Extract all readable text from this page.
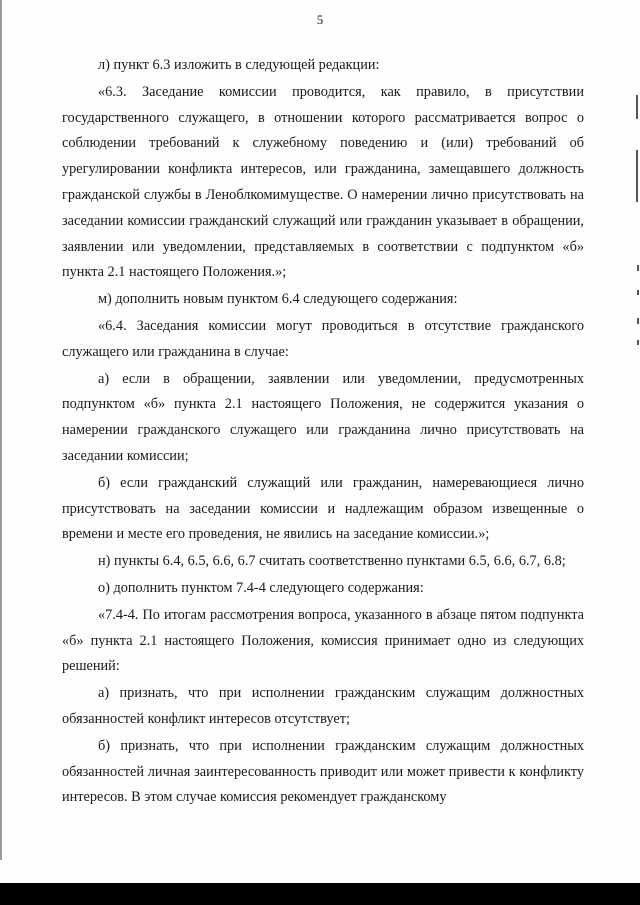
5

л) пункт 6.3 изложить в следующей редакции:

«6.3. Заседание комиссии проводится, как правило, в присутствии государственного служащего, в отношении которого рассматривается вопрос о соблюдении требований к служебному поведению и (или) требований об урегулировании конфликта интересов, или гражданина, замещавшего должность гражданской службы в Леноблкомимуществе. О намерении лично присутствовать на заседании комиссии гражданский служащий или гражданин указывает в обращении, заявлении или уведомлении, представляемых в соответствии с подпунктом «б» пункта 2.1 настоящего Положения.»;

м) дополнить новым пунктом 6.4 следующего содержания:

«6.4. Заседания комиссии могут проводиться в отсутствие гражданского служащего или гражданина в случае:

а) если в обращении, заявлении или уведомлении, предусмотренных подпунктом «б» пункта 2.1 настоящего Положения, не содержится указания о намерении гражданского служащего или гражданина лично присутствовать на заседании комиссии;

б) если гражданский служащий или гражданин, намеревающиеся лично присутствовать на заседании комиссии и надлежащим образом извещенные о времени и месте его проведения, не явились на заседание комиссии.»;

н) пункты 6.4, 6.5, 6.6, 6.7 считать соответственно пунктами 6.5, 6.6, 6.7, 6.8;

о) дополнить пунктом 7.4-4 следующего содержания:

«7.4-4. По итогам рассмотрения вопроса, указанного в абзаце пятом подпункта «б» пункта 2.1 настоящего Положения, комиссия принимает одно из следующих решений:

а) признать, что при исполнении гражданским служащим должностных обязанностей конфликт интересов отсутствует;

б) признать, что при исполнении гражданским служащим должностных обязанностей личная заинтересованность приводит или может привести к конфликту интересов. В этом случае комиссия рекомендует гражданскому
